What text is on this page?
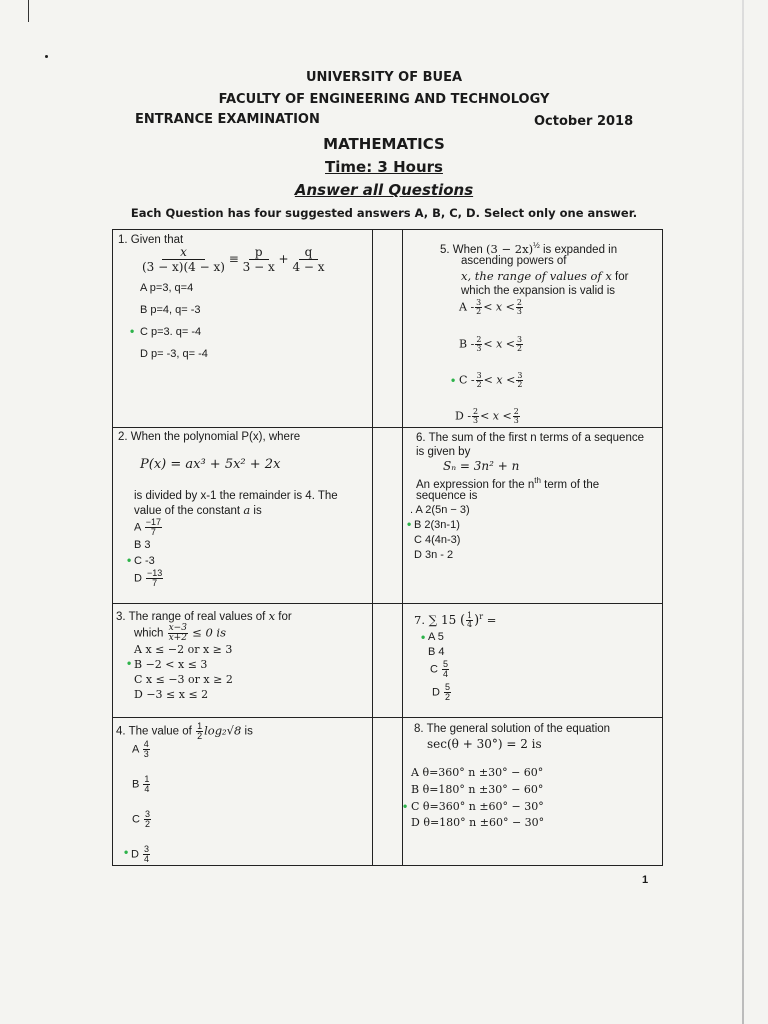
UNIVERSITY OF BUEA
FACULTY OF ENGINEERING AND TECHNOLOGY
ENTRANCE EXAMINATION	October 2018
MATHEMATICS
Time: 3 Hours
Answer all Questions
Each Question has four suggested answers A, B, C, D. Select only one answer.
1. Given that
$\frac{x}{(3 - x)(4 - x)} \equiv \frac{p}{3 - x} + \frac{q}{4 - x}$
A p=3, q=4
B p=4, q= -3
• C p=3. q= -4
D p= -3, q= -4
5. When $(3 - 2x)^{\frac{1}{2}}$ is expanded in
ascending powers of
x, the range of values of x for
which the expansion is valid is
$A - \frac{3}{2} < x < \frac{2}{3}$
$B - \frac{2}{3} < x < \frac{3}{2}$
• $C - \frac{3}{2} < x < \frac{3}{2}$
$D - \frac{2}{3} < x < \frac{2}{3}$
2. When the polynomial P(x), where
P(x) = ax³ + 5x² + 2x
is divided by x-1 the remainder is 4. The
value of the constant a is
A $\frac{-17}{7}$
B 3
• C -3
D $\frac{-13}{7}$
6. The sum of the first n terms of a sequence
is given by
Sₙ = 3n² + n
An expression for the $n^{th}$ term of the
sequence is
. A 2(5n − 3)
• B 2(3n-1)
C 4(4n-3)
D 3n - 2
3. The range of real values of x for
which $\frac{x-3}{x+2} \le 0$ is
A x ≤ −2 or x ≥ 3
• B −2 < x ≤ 3
C x ≤ −3 or x ≥ 2
D −3 ≤ x ≤ 2
7. ∑ 15 ( $\frac{1}{4} )^r$ =
• A 5
B 4
C $\frac{5}{4}$
D $\frac{5}{2}$
4. The value of $\frac{1}{2} \log_2√8$ is
A $\frac{4}{3}$
B $\frac{1}{4}$
C $\frac{3}{2}$
• D $\frac{3}{4}$
8. The general solution of the equation
sec(θ + 30°) = 2 is
A θ=360° n ±30° − 60°
B θ=180° n ±30° − 60°
• C θ=360° n ±60° − 30°
D θ=180° n ±60° − 30°
1
